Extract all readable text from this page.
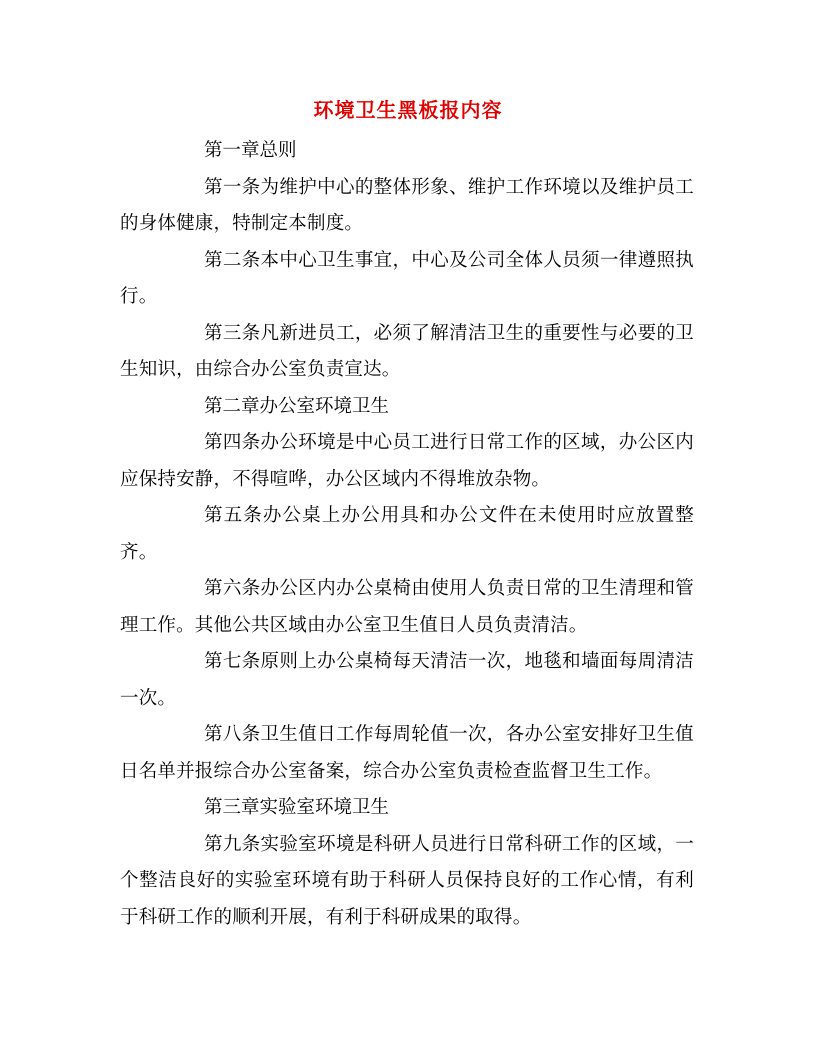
环境卫生黑板报内容

第一章总则

第一条为维护中心的整体形象、维护工作环境以及维护员工的身体健康，特制定本制度。

第二条本中心卫生事宜，中心及公司全体人员须一律遵照执行。

第三条凡新进员工，必须了解清洁卫生的重要性与必要的卫生知识，由综合办公室负责宣达。

第二章办公室环境卫生

第四条办公环境是中心员工进行日常工作的区域，办公区内应保持安静，不得喧哗，办公区域内不得堆放杂物。

第五条办公桌上办公用具和办公文件在未使用时应放置整齐。

第六条办公区内办公桌椅由使用人负责日常的卫生清理和管理工作。其他公共区域由办公室卫生值日人员负责清洁。

第七条原则上办公桌椅每天清洁一次，地毯和墙面每周清洁一次。

第八条卫生值日工作每周轮值一次，各办公室安排好卫生值日名单并报综合办公室备案，综合办公室负责检查监督卫生工作。

第三章实验室环境卫生

第九条实验室环境是科研人员进行日常科研工作的区域，一个整洁良好的实验室环境有助于科研人员保持良好的工作心情，有利于科研工作的顺利开展，有利于科研成果的取得。
